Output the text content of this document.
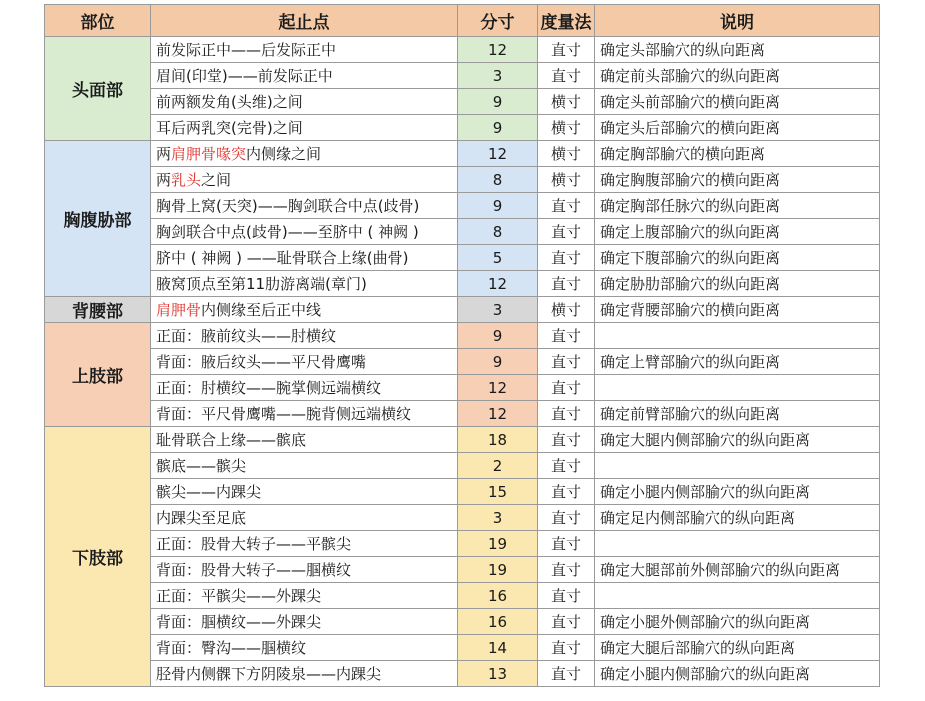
部位	起止点	分寸	度量法	说明
头面部	前发际正中——后发际正中	12	直寸	确定头部腧穴的纵向距离
	眉间(印堂)——前发际正中	3	直寸	确定前头部腧穴的纵向距离
	前两额发角(头维)之间	9	横寸	确定头前部腧穴的横向距离
	耳后两乳突(完骨)之间	9	横寸	确定头后部腧穴的横向距离
胸腹胁部	两肩胛骨喙突内侧缘之间	12	横寸	确定胸部腧穴的横向距离
	两乳头之间	8	横寸	确定胸腹部腧穴的横向距离
	胸骨上窝(天突)——胸剑联合中点(歧骨)	9	直寸	确定胸部任脉穴的纵向距离
	胸剑联合中点(歧骨)——至脐中 ( 神阙 )	8	直寸	确定上腹部腧穴的纵向距离
	脐中 ( 神阙 ) ——耻骨联合上缘(曲骨)	5	直寸	确定下腹部腧穴的纵向距离
	腋窝顶点至第11肋游离端(章门)	12	直寸	确定胁肋部腧穴的纵向距离
背腰部	肩胛骨内侧缘至后正中线	3	横寸	确定背腰部腧穴的横向距离
上肢部	正面：腋前纹头——肘横纹	9	直寸	
	背面：腋后纹头——平尺骨鹰嘴	9	直寸	确定上臂部腧穴的纵向距离
	正面：肘横纹——腕掌侧远端横纹	12	直寸	
	背面：平尺骨鹰嘴——腕背侧远端横纹	12	直寸	确定前臂部腧穴的纵向距离
下肢部	耻骨联合上缘——髌底	18	直寸	确定大腿内侧部腧穴的纵向距离
	髌底——髌尖	2	直寸	
	髌尖——内踝尖	15	直寸	确定小腿内侧部腧穴的纵向距离
	内踝尖至足底	3	直寸	确定足内侧部腧穴的纵向距离
	正面：股骨大转子——平髌尖	19	直寸	
	背面：股骨大转子——腘横纹	19	直寸	确定大腿部前外侧部腧穴的纵向距离
	正面：平髌尖——外踝尖	16	直寸	
	背面：腘横纹——外踝尖	16	直寸	确定小腿外侧部腧穴的纵向距离
	背面：臀沟——腘横纹	14	直寸	确定大腿后部腧穴的纵向距离
	胫骨内侧髁下方阴陵泉——内踝尖	13	直寸	确定小腿内侧部腧穴的纵向距离
